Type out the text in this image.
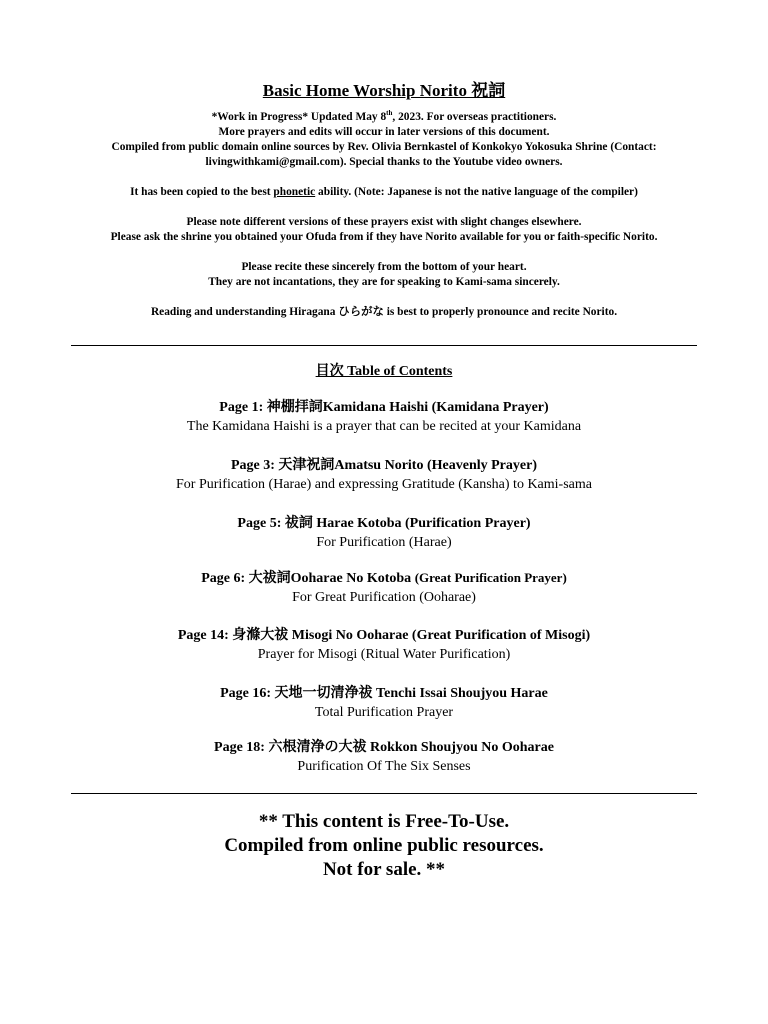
Basic Home Worship Norito 祝詞

*Work in Progress* Updated May 8th, 2023. For overseas practitioners.
More prayers and edits will occur in later versions of this document.
Compiled from public domain online sources by Rev. Olivia Bernkastel of Konkokyo Yokosuka Shrine (Contact:
livingwithkami@gmail.com). Special thanks to the Youtube video owners.

It has been copied to the best phonetic ability. (Note: Japanese is not the native language of the compiler)

Please note different versions of these prayers exist with slight changes elsewhere.
Please ask the shrine you obtained your Ofuda from if they have Norito available for you or faith-specific Norito.

Please recite these sincerely from the bottom of your heart.
They are not incantations, they are for speaking to Kami-sama sincerely.

Reading and understanding Hiragana ひらがな is best to properly pronounce and recite Norito.

目次 Table of Contents
Page 1: 神棚拝詞Kamidana Haishi (Kamidana Prayer)
The Kamidana Haishi is a prayer that can be recited at your Kamidana
Page 3: 天津祝詞Amatsu Norito (Heavenly Prayer)
For Purification (Harae) and expressing Gratitude (Kansha) to Kami-sama
Page 5: 祓詞 Harae Kotoba (Purification Prayer)
For Purification (Harae)
Page 6: 大祓詞Ooharae No Kotoba (Great Purification Prayer)
For Great Purification (Ooharae)
Page 14: 身滌大祓 Misogi No Ooharae (Great Purification of Misogi)
Prayer for Misogi (Ritual Water Purification)
Page 16: 天地一切清浄祓 Tenchi Issai Shoujyou Harae
Total Purification Prayer
Page 18: 六根清浄の大祓 Rokkon Shoujyou No Ooharae
Purification Of The Six Senses
** This content is Free-To-Use.
Compiled from online public resources.
Not for sale. **
